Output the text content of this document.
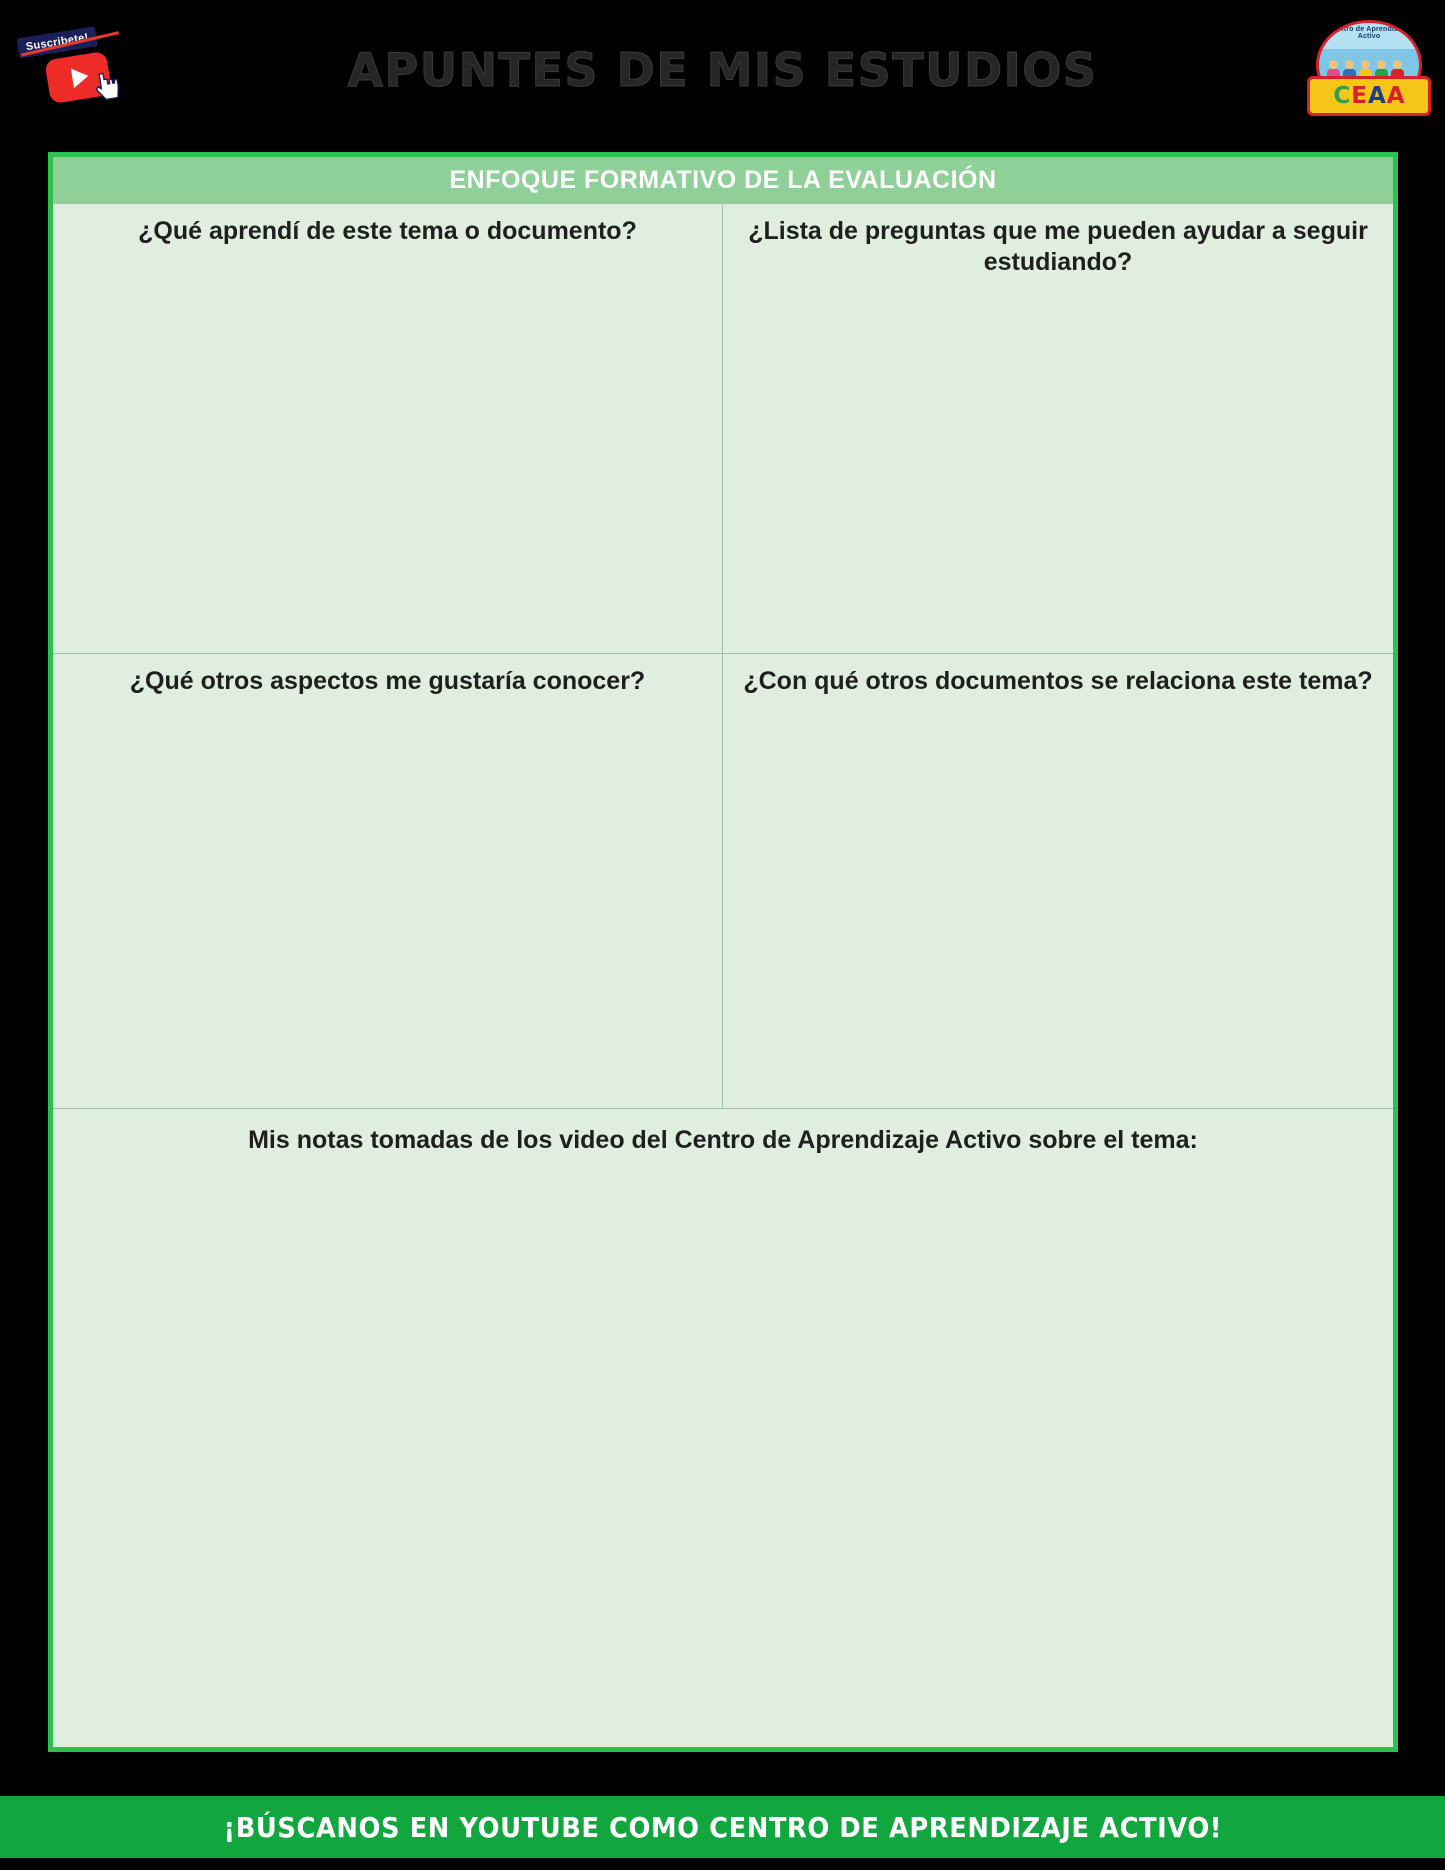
Suscribete!
APUNTES DE MIS ESTUDIOS
Centro de Aprendizaje Activo
C E A A
ENFOQUE FORMATIVO DE LA EVALUACIÓN
¿Qué aprendí de este tema o documento?	¿Lista de preguntas que me pueden ayudar a seguir estudiando?
¿Qué otros aspectos me gustaría conocer?	¿Con qué otros documentos se relaciona este tema?
Mis notas tomadas de los video del Centro de Aprendizaje Activo sobre el tema:
¡BÚSCANOS EN YOUTUBE COMO CENTRO DE APRENDIZAJE ACTIVO!
